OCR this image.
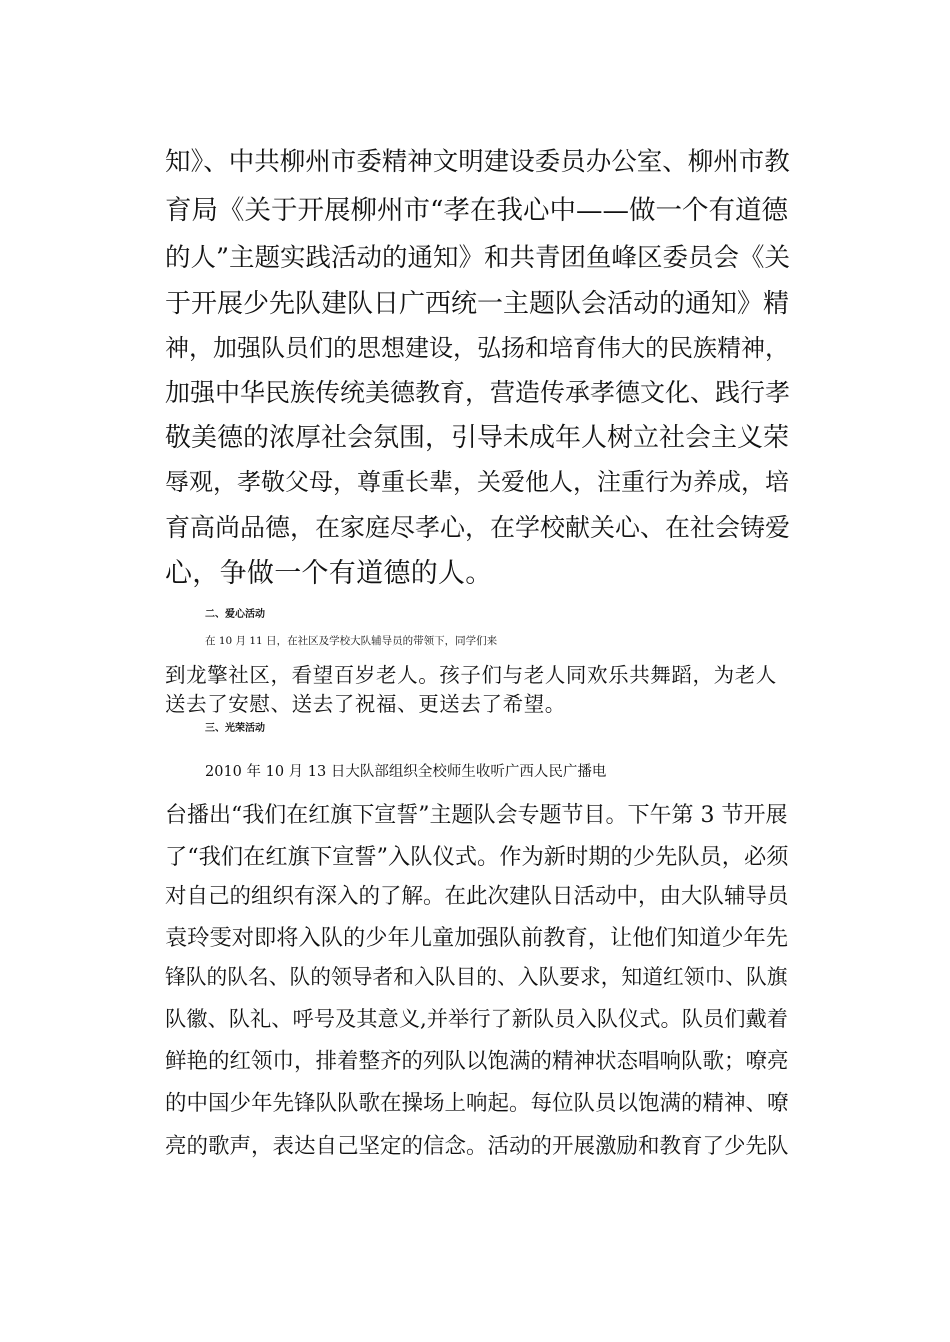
知》、中共柳州市委精神文明建设委员办公室、柳州市教

育局《关于开展柳州市“孝在我心中——做一个有道德

的人”主题实践活动的通知》和共青团鱼峰区委员会《关

于开展少先队建队日广西统一主题队会活动的通知》精

神，加强队员们的思想建设，弘扬和培育伟大的民族精神，

加强中华民族传统美德教育，营造传承孝德文化、践行孝

敬美德的浓厚社会氛围，引导未成年人树立社会主义荣

辱观，孝敬父母，尊重长辈，关爱他人，注重行为养成，培

育高尚品德，在家庭尽孝心，在学校献关心、在社会铸爱

心，争做一个有道德的人。

二、爱心活动

在 10 月 11 日，在社区及学校大队辅导员的带领下，同学们来

到龙擎社区，看望百岁老人。孩子们与老人同欢乐共舞蹈，为老人

送去了安慰、送去了祝福、更送去了希望。

三、光荣活动

2010 年 10 月 13 日大队部组织全校师生收听广西人民广播电

台播出“我们在红旗下宣誓”主题队会专题节目。下午第 3 节开展

了“我们在红旗下宣誓”入队仪式。作为新时期的少先队员，必须

对自己的组织有深入的了解。在此次建队日活动中，由大队辅导员

袁玲雯对即将入队的少年儿童加强队前教育，让他们知道少年先

锋队的队名、队的领导者和入队目的、入队要求，知道红领巾、队旗

队徽、队礼、呼号及其意义,并举行了新队员入队仪式。队员们戴着

鲜艳的红领巾，排着整齐的列队以饱满的精神状态唱响队歌；嘹亮

的中国少年先锋队队歌在操场上响起。每位队员以饱满的精神、嘹

亮的歌声，表达自己坚定的信念。活动的开展激励和教育了少先队
